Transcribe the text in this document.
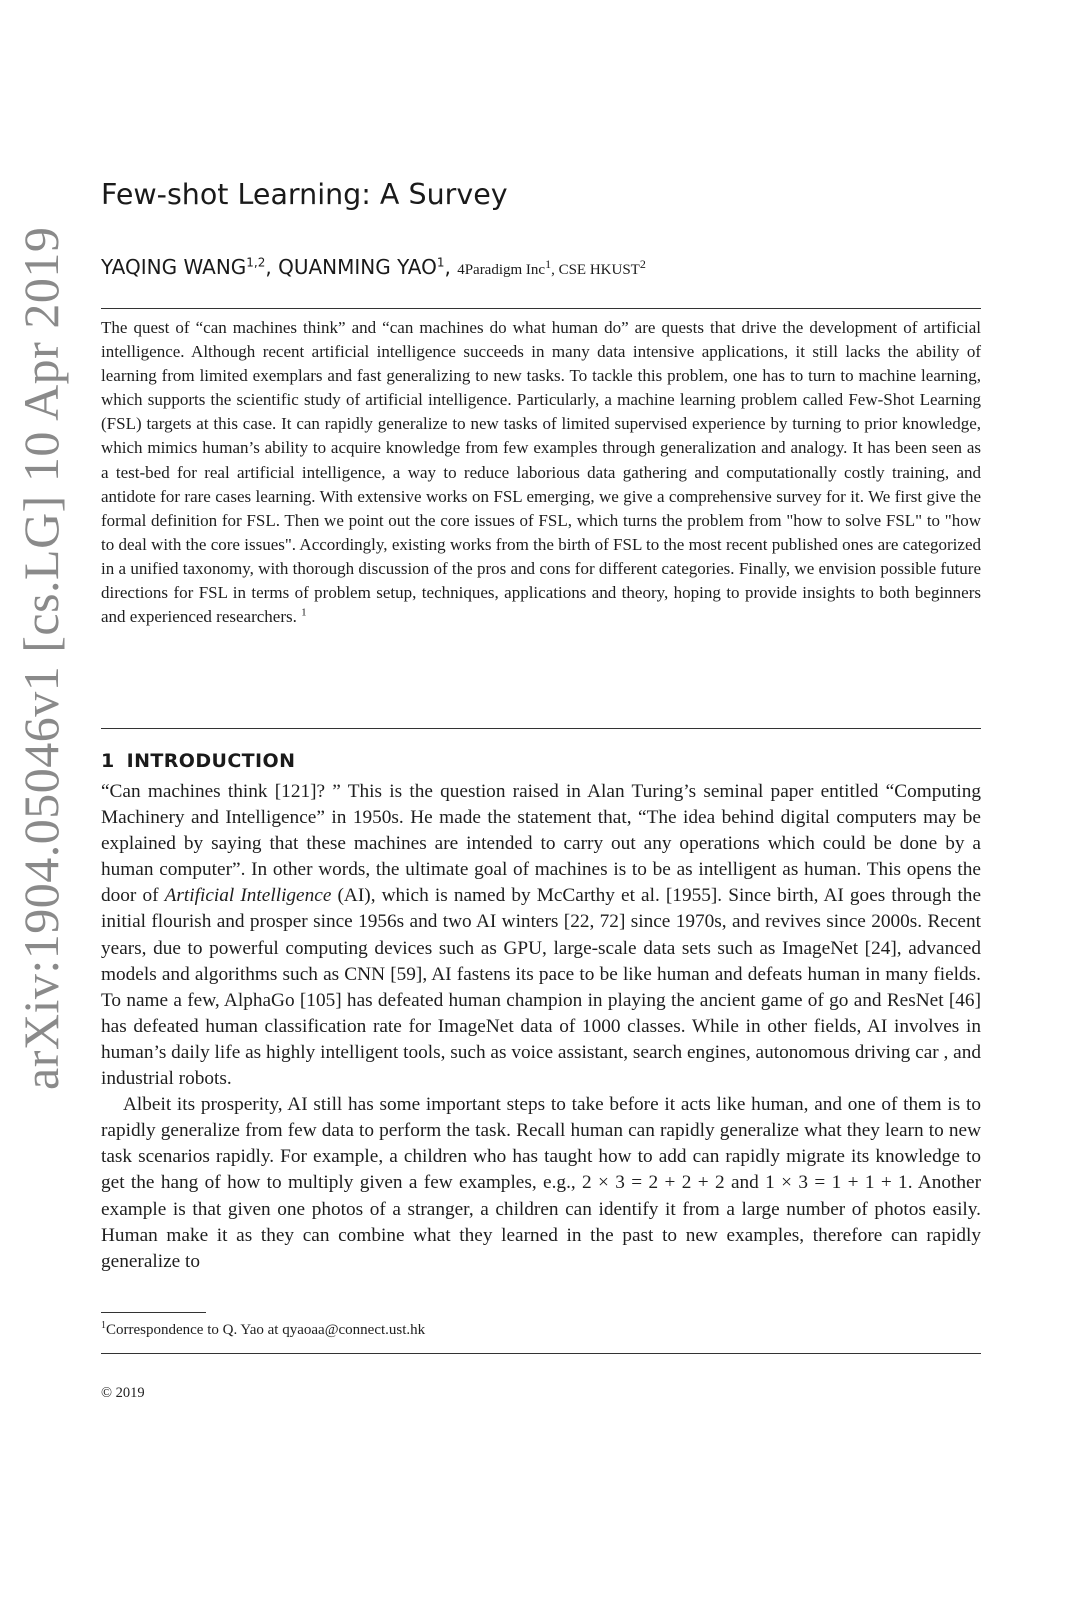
arXiv:1904.05046v1 [cs.LG] 10 Apr 2019
Few-shot Learning: A Survey
YAQING WANG$^{1,2}$, QUANMING YAO$^1$, 4Paradigm Inc$^1$, CSE HKUST$^2$

The quest of “can machines think” and “can machines do what human do” are quests that drive the development of artificial intelligence. Although recent artificial intelligence succeeds in many data intensive applications, it still lacks the ability of learning from limited exemplars and fast generalizing to new tasks. To tackle this problem, one has to turn to machine learning, which supports the scientific study of artificial intelligence. Particularly, a machine learning problem called Few-Shot Learning (FSL) targets at this case. It can rapidly generalize to new tasks of limited supervised experience by turning to prior knowledge, which mimics human’s ability to acquire knowledge from few examples through generalization and analogy. It has been seen as a test-bed for real artificial intelligence, a way to reduce laborious data gathering and computationally costly training, and antidote for rare cases learning. With extensive works on FSL emerging, we give a comprehensive survey for it. We first give the formal definition for FSL. Then we point out the core issues of FSL, which turns the problem from "how to solve FSL" to "how to deal with the core issues". Accordingly, existing works from the birth of FSL to the most recent published ones are categorized in a unified taxonomy, with thorough discussion of the pros and cons for different categories. Finally, we envision possible future directions for FSL in terms of problem setup, techniques, applications and theory, hoping to provide insights to both beginners and experienced researchers. $^1$

1 INTRODUCTION

“Can machines think [121]? ” This is the question raised in Alan Turing’s seminal paper entitled “Computing Machinery and Intelligence” in 1950s. He made the statement that, “The idea behind digital computers may be explained by saying that these machines are intended to carry out any operations which could be done by a human computer”. In other words, the ultimate goal of machines is to be as intelligent as human. This opens the door of Artificial Intelligence (AI), which is named by McCarthy et al. [1955]. Since birth, AI goes through the initial flourish and prosper since 1956s and two AI winters [22, 72] since 1970s, and revives since 2000s. Recent years, due to powerful computing devices such as GPU, large-scale data sets such as ImageNet [24], advanced models and algorithms such as CNN [59], AI fastens its pace to be like human and defeats human in many fields. To name a few, AlphaGo [105] has defeated human champion in playing the ancient game of go and ResNet [46] has defeated human classification rate for ImageNet data of 1000 classes. While in other fields, AI involves in human’s daily life as highly intelligent tools, such as voice assistant, search engines, autonomous driving car , and industrial robots.

Albeit its prosperity, AI still has some important steps to take before it acts like human, and one of them is to rapidly generalize from few data to perform the task. Recall human can rapidly generalize what they learn to new task scenarios rapidly. For example, a children who has taught how to add can rapidly migrate its knowledge to get the hang of how to multiply given a few examples, e.g., 2 × 3 = 2 + 2 + 2 and 1 × 3 = 1 + 1 + 1. Another example is that given one photos of a stranger, a children can identify it from a large number of photos easily. Human make it as they can combine what they learned in the past to new examples, therefore can rapidly generalize to

$^1$Correspondence to Q. Yao at qyaoaa@connect.ust.hk

© 2019
